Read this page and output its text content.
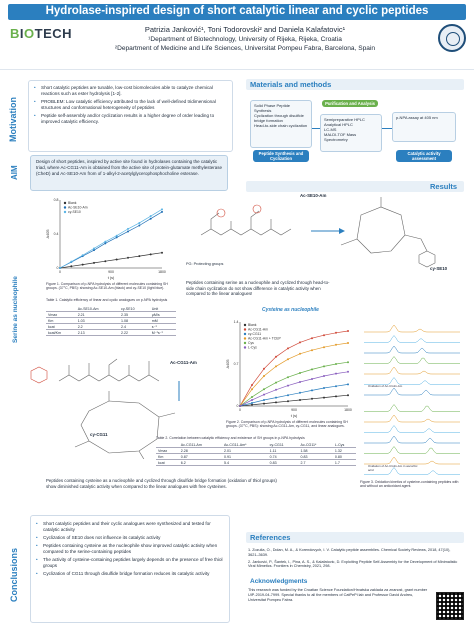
Hydrolase-inspired design of short catalytic linear and cyclic peptides
BIOTECH	Patrizia Janković¹, Toni Todorovski² and Daniela Kalafatovic¹
¹Department of Biotechnology, University of Rijeka, Rijeka, Croatia
²Department of Medicine and Life Sciences, Universitat Pompeu Fabra, Barcelona, Spain
Motivation
• Short catalytic peptides are tunable, low-cost biomolecules able to catalyze chemical reactions such as ester hydrolysis [1-2].
• PROBLEM: Low catalytic efficiency attributed to the lack of well-defined tridimensional structures and conformational heterogeneity of peptides
• Peptide self-assembly and/or cyclization results in a higher degree of order leading to improved catalytic efficiency.
AIM
Design of short peptides, inspired by active site found in hydrolases containing the catalytic triad, where Ac-CG11-Am is obtained from the active site of protein-glutamate methylesterase (CheD) and Ac-SE10-Am from of 1-alkyl-2-acetylglycerophosphocholine esterase.
Materials and methods
Solid Phase Peptide Synthesis
Cyclization through disulfide bridge formation
Head-to-side chain cyclization
Peptide Synthesis and Cyclization
Purification and Analysis
Semipreparative HPLC
Analytical HPLC
LC-MS
MALDI-TOF Mass Spectrometry
p-NPA assay at 405 nm
Catalytic activity assessment
Results
Serine as nucleophile
0	900	1800
0
0.4
0.8
t (s)
A405
Blank
Ac-SE10-Am
cy-SE10
Figure 1. Comparison of p-NPA hydrolysis of different molecules containing SH groups. (37°C, PBS): showing Ac-SE10-Am (black) and cy-SE10 (light blue).
Table 1. Catalytic efficiency of linear and cyclic analogues on p-NPA hydrolysis
	Ac-SE10-Am	cy-SE10	Unit
Vmax	2.21	2.35	μM/s
Km	1.03	1.08	mM
kcat	2.2	2.4	s⁻¹
kcat/Km	2.13	2.22	M⁻¹s⁻¹
Ac-SE10-Am
cy-SE10
PG: Protecting groups
Peptides containing serine as a nucleophile and cyclized through head-to-side chain cyclization do not show difference in catalytic activity when compared to the linear analogues!
Cysteine as nucleophile
0	900	1800
0
0.7
1.4
t (s)
A405
Blank
Ac-CG11-Am
cy-CG11
Ac-CG11-Am + TCEP
Cys
L-Cys
Figure 2. Comparison of p-NPA hydrolysis of different molecules containing SH groups. (37°C, PBS): showing Ac-CG11-Am, cy-CG11, and linear analogues.
Figure 3. Oxidation kinetics of cysteine-containing peptides with and without an antioxidant agent.
Oxidation of Ac-CG11-Am
Oxidation of Ac-CG11-Am in ascorbic acid
Ac-CG11-Am
cy-CG11
Table 2. Correlation between catalytic efficiency and existence of SH groups in p-NPA hydrolysis
	Ac-CG11-Am	Ac-CG11-Am*	cy-CG11	Ac-CG11*	L-Cys
Vmax	2.28	2.01	1.11	1.58	1.32
Km	0.87	0.91	0.74	0.83	0.80
kcat	6.2	5.4	0.83	2.7	1.7
Peptides containing cysteine as a nucleophile and cyclized through disulfide bridge formation (oxidation of thiol groups) show diminished catalytic activity when compared to the linear analogues with free cysteines.
Conclusions
• Short catalytic peptides and their cyclic analogues were synthesized and tested for catalytic activity
• Cyclization of SE10 does not influence its catalytic activity
• Peptides containing cysteine as the nucleophile show improved catalytic activity when compared to the serine-containing peptides
• The activity of cysteine-containing peptides largely depends on the presence of free thiol groups
• Cyclization of CG11 through disulfide bridge formation reduces its catalytic activity
References
1. Zozulia, O., Dolan, M. A., & Korendovych, I. V. Catalytic peptide assemblies. Chemical Society Reviews, 2018, 47(10), 3621–3639.
2. Janković, P., Šantek, I., Pina, A. S., & Kalafatovic, D. Exploiting Peptide Self-Assembly for the Development of Minimalistic Viral Mimetics. Frontiers in Chemistry, 2021, 298.
Acknowledgments
This research was funded by the Croatian Science Foundation/Hrvatska zaklada za znanost, grant number UIP-2019-04-7999. Special thanks to all the members of CatPePi lab and Professor David Andreu, Universitat Pompeu Fabra.
